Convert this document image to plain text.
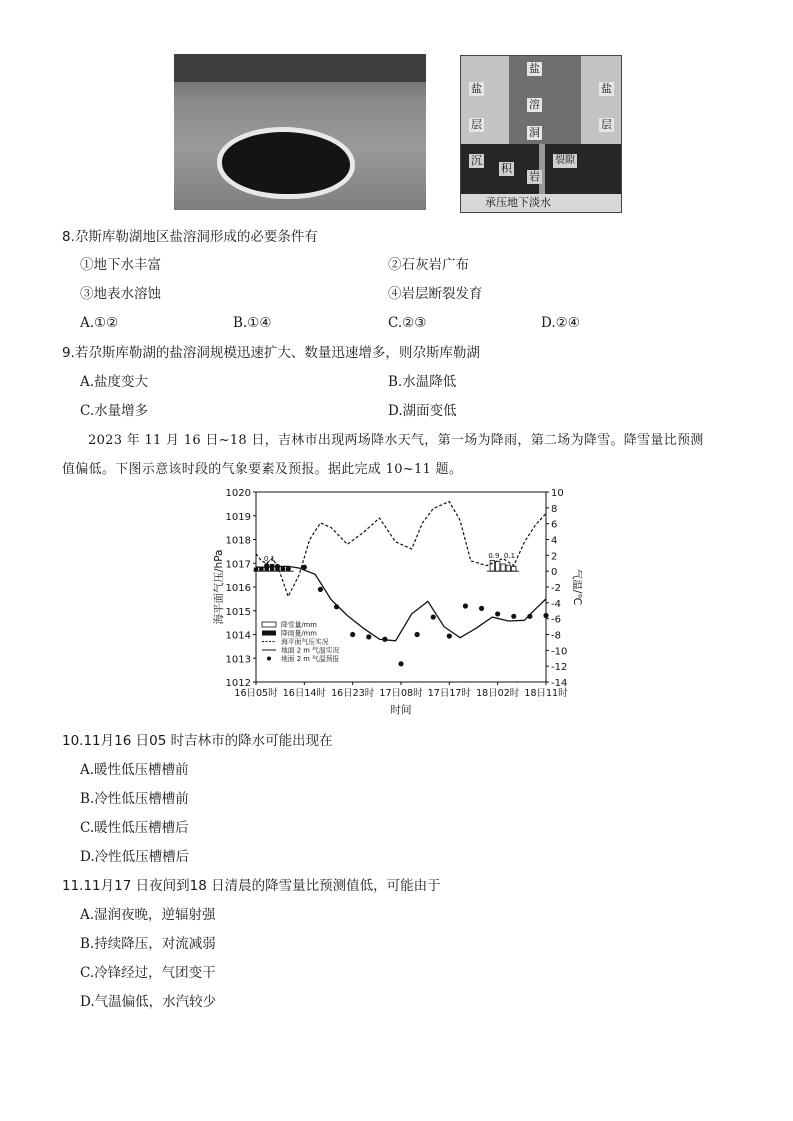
盐
层
盐
溶
洞
盐
层
沉
积
岩
裂隙
承压地下淡水
8.尕斯库勒湖地区盐溶洞形成的必要条件有
①地下水丰富	②石灰岩广布
③地表水溶蚀	④岩层断裂发育
A.①②	B.①④	C.②③	D.②④
9.若尕斯库勒湖的盐溶洞规模迅速扩大、数量迅速增多，则尕斯库勒湖
A.盐度变大	B.水温降低
C.水量增多	D.湖面变低
2023 年 11 月 16 日~18 日，吉林市出现两场降水天气，第一场为降雨，第二场为降雪。降雪量比预测
值偏低。下图示意该时段的气象要素及预报。据此完成 10~11 题。
1012
1013
1014
1015
1016
1017
1018
1019
1020
-14
-12
-10
-8
-6
-4
-2
0
2
4
6
8
10
16日05时 16日14时 16日23时 17日08时 17日17时 18日02时 18日11时
时间
海平面气压/hPa	气温/℃
0.9 0.1
0.1
降雪量/mm
降雨量/mm
海平面气压实况
地面 2 m 气温实况
地面 2 m 气温预报
10.11月16 日05 时吉林市的降水可能出现在
A.暖性低压槽槽前
B.冷性低压槽槽前
C.暖性低压槽槽后
D.冷性低压槽槽后
11.11月17 日夜间到18 日清晨的降雪量比预测值低，可能由于
A.湿润夜晚，逆辐射强
B.持续降压，对流减弱
C.冷锋经过，气团变干
D.气温偏低，水汽较少
